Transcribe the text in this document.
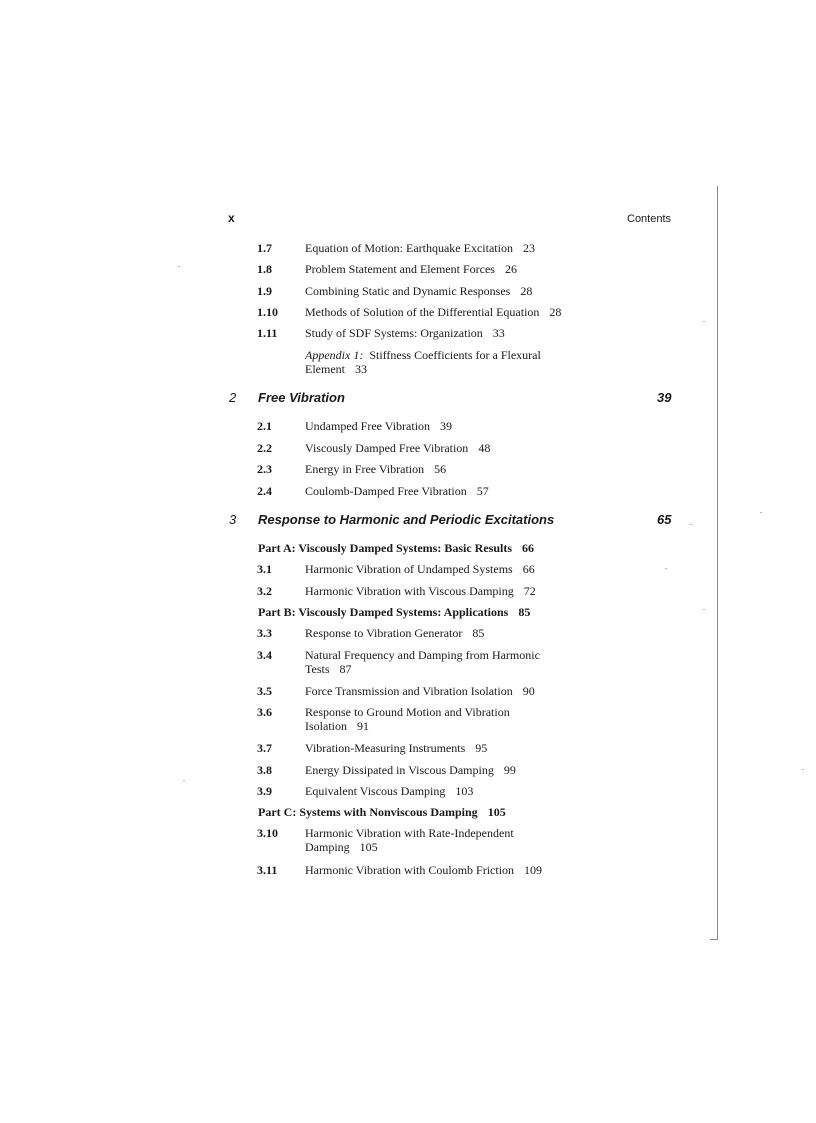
x	Contents
1.7	Equation of Motion: Earthquake Excitation 23
1.8	Problem Statement and Element Forces 26
1.9	Combining Static and Dynamic Responses 28
1.10 Methods of Solution of the Differential Equation 28
1.11 Study of SDF Systems: Organization 33
Appendix 1: Stiffness Coefficients for a Flexural
Element 33
2 Free Vibration	39
2.1	Undamped Free Vibration 39
2.2	Viscously Damped Free Vibration 48
2.3	Energy in Free Vibration 56
2.4	Coulomb-Damped Free Vibration 57
3 Response to Harmonic and Periodic Excitations	65
Part A: Viscously Damped Systems: Basic Results 66
3.1	Harmonic Vibration of Undamped Systems 66
3.2	Harmonic Vibration with Viscous Damping 72
Part B: Viscously Damped Systems: Applications 85
3.3	Response to Vibration Generator 85
3.4	Natural Frequency and Damping from Harmonic
Tests 87
3.5	Force Transmission and Vibration Isolation 90
3.6	Response to Ground Motion and Vibration
Isolation 91
3.7	Vibration-Measuring Instruments 95
3.8	Energy Dissipated in Viscous Damping 99
3.9	Equivalent Viscous Damping 103
Part C: Systems with Nonviscous Damping 105
3.10 Harmonic Vibration with Rate-Independent
Damping 105
3.11 Harmonic Vibration with Coulomb Friction 109
